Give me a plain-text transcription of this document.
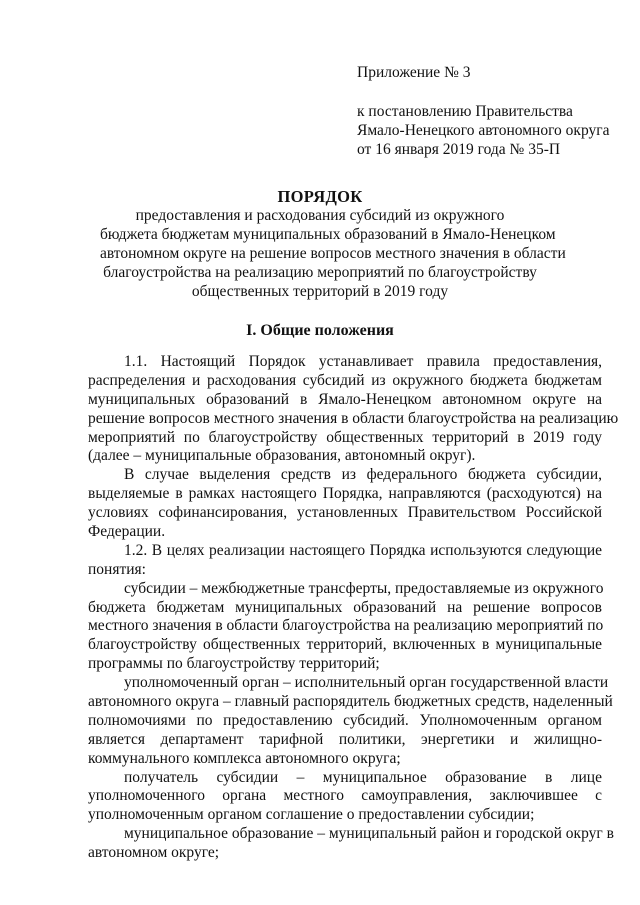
Приложение № 3
к постановлению Правительства
Ямало-Ненецкого автономного округа
от 16 января 2019 года № 35-П
ПОРЯДОК
предоставления и расходования субсидий из окружного
бюджета бюджетам муниципальных образований в Ямало-Ненецком
автономном округе на решение вопросов местного значения в области
благоустройства на реализацию мероприятий по благоустройству
общественных территорий в 2019 году
I. Общие положения
1.1. Настоящий Порядок устанавливает правила предоставления,
распределения и расходования субсидий из окружного бюджета бюджетам
муниципальных образований в Ямало-Ненецком автономном округе на
решение вопросов местного значения в области благоустройства на реализацию
мероприятий по благоустройству общественных территорий в 2019 году
(далее – муниципальные образования, автономный округ).
В случае выделения средств из федерального бюджета субсидии,
выделяемые в рамках настоящего Порядка, направляются (расходуются) на
условиях софинансирования, установленных Правительством Российской
Федерации.
1.2. В целях реализации настоящего Порядка используются следующие
понятия:
субсидии – межбюджетные трансферты, предоставляемые из окружного
бюджета бюджетам муниципальных образований на решение вопросов
местного значения в области благоустройства на реализацию мероприятий по
благоустройству общественных территорий, включенных в муниципальные
программы по благоустройству территорий;
уполномоченный орган – исполнительный орган государственной власти
автономного округа – главный распорядитель бюджетных средств, наделенный
полномочиями по предоставлению субсидий. Уполномоченным органом
является департамент тарифной политики, энергетики и жилищно-
коммунального комплекса автономного округа;
получатель субсидии – муниципальное образование в лице
уполномоченного органа местного самоуправления, заключившее с
уполномоченным органом соглашение о предоставлении субсидии;
муниципальное образование – муниципальный район и городской округ в
автономном округе;
